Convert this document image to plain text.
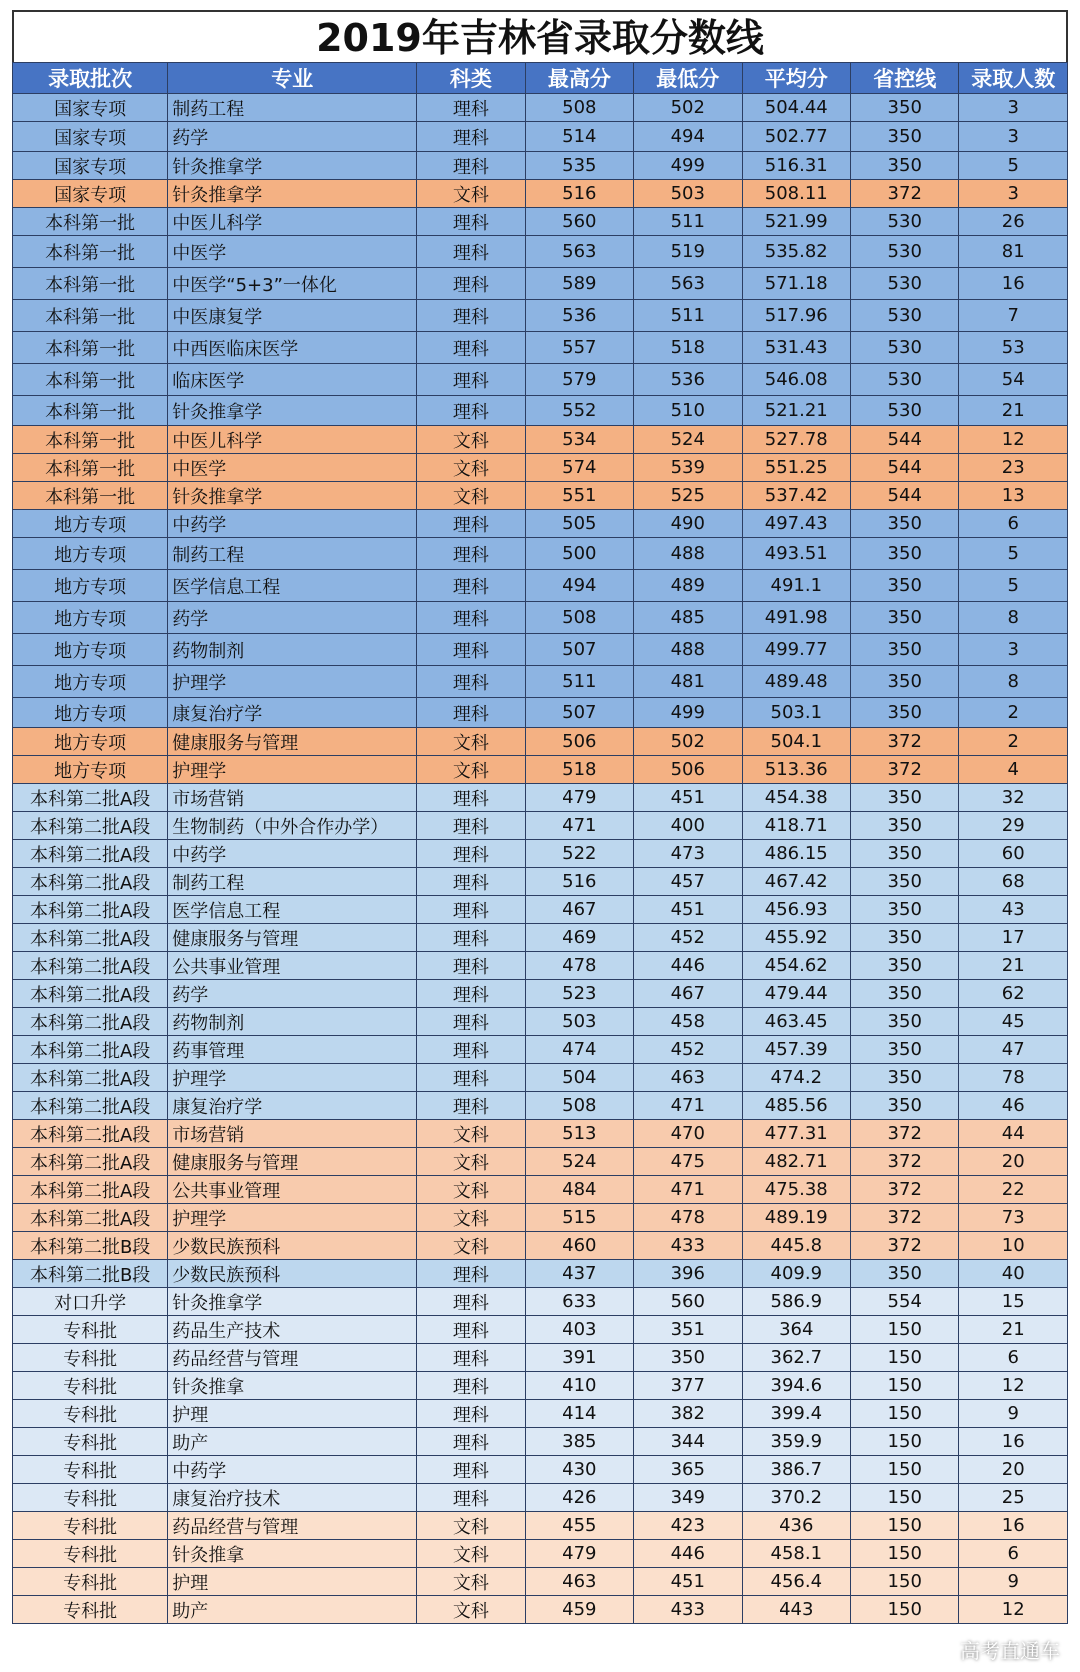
2019年吉林省录取分数线
录取批次	专业	科类	最高分	最低分	平均分	省控线	录取人数
国家专项	制药工程	理科	508	502	504.44	350	3
国家专项	药学	理科	514	494	502.77	350	3
国家专项	针灸推拿学	理科	535	499	516.31	350	5
国家专项	针灸推拿学	文科	516	503	508.11	372	3
本科第一批	中医儿科学	理科	560	511	521.99	530	26
本科第一批	中医学	理科	563	519	535.82	530	81
本科第一批	中医学“5+3”一体化	理科	589	563	571.18	530	16
本科第一批	中医康复学	理科	536	511	517.96	530	7
本科第一批	中西医临床医学	理科	557	518	531.43	530	53
本科第一批	临床医学	理科	579	536	546.08	530	54
本科第一批	针灸推拿学	理科	552	510	521.21	530	21
本科第一批	中医儿科学	文科	534	524	527.78	544	12
本科第一批	中医学	文科	574	539	551.25	544	23
本科第一批	针灸推拿学	文科	551	525	537.42	544	13
地方专项	中药学	理科	505	490	497.43	350	6
地方专项	制药工程	理科	500	488	493.51	350	5
地方专项	医学信息工程	理科	494	489	491.1	350	5
地方专项	药学	理科	508	485	491.98	350	8
地方专项	药物制剂	理科	507	488	499.77	350	3
地方专项	护理学	理科	511	481	489.48	350	8
地方专项	康复治疗学	理科	507	499	503.1	350	2
地方专项	健康服务与管理	文科	506	502	504.1	372	2
地方专项	护理学	文科	518	506	513.36	372	4
本科第二批A段	市场营销	理科	479	451	454.38	350	32
本科第二批A段	生物制药（中外合作办学）	理科	471	400	418.71	350	29
本科第二批A段	中药学	理科	522	473	486.15	350	60
本科第二批A段	制药工程	理科	516	457	467.42	350	68
本科第二批A段	医学信息工程	理科	467	451	456.93	350	43
本科第二批A段	健康服务与管理	理科	469	452	455.92	350	17
本科第二批A段	公共事业管理	理科	478	446	454.62	350	21
本科第二批A段	药学	理科	523	467	479.44	350	62
本科第二批A段	药物制剂	理科	503	458	463.45	350	45
本科第二批A段	药事管理	理科	474	452	457.39	350	47
本科第二批A段	护理学	理科	504	463	474.2	350	78
本科第二批A段	康复治疗学	理科	508	471	485.56	350	46
本科第二批A段	市场营销	文科	513	470	477.31	372	44
本科第二批A段	健康服务与管理	文科	524	475	482.71	372	20
本科第二批A段	公共事业管理	文科	484	471	475.38	372	22
本科第二批A段	护理学	文科	515	478	489.19	372	73
本科第二批B段	少数民族预科	文科	460	433	445.8	372	10
本科第二批B段	少数民族预科	理科	437	396	409.9	350	40
对口升学	针灸推拿学	理科	633	560	586.9	554	15
专科批	药品生产技术	理科	403	351	364	150	21
专科批	药品经营与管理	理科	391	350	362.7	150	6
专科批	针灸推拿	理科	410	377	394.6	150	12
专科批	护理	理科	414	382	399.4	150	9
专科批	助产	理科	385	344	359.9	150	16
专科批	中药学	理科	430	365	386.7	150	20
专科批	康复治疗技术	理科	426	349	370.2	150	25
专科批	药品经营与管理	文科	455	423	436	150	16
专科批	针灸推拿	文科	479	446	458.1	150	6
专科批	护理	文科	463	451	456.4	150	9
专科批	助产	文科	459	433	443	150	12
高考直通车
